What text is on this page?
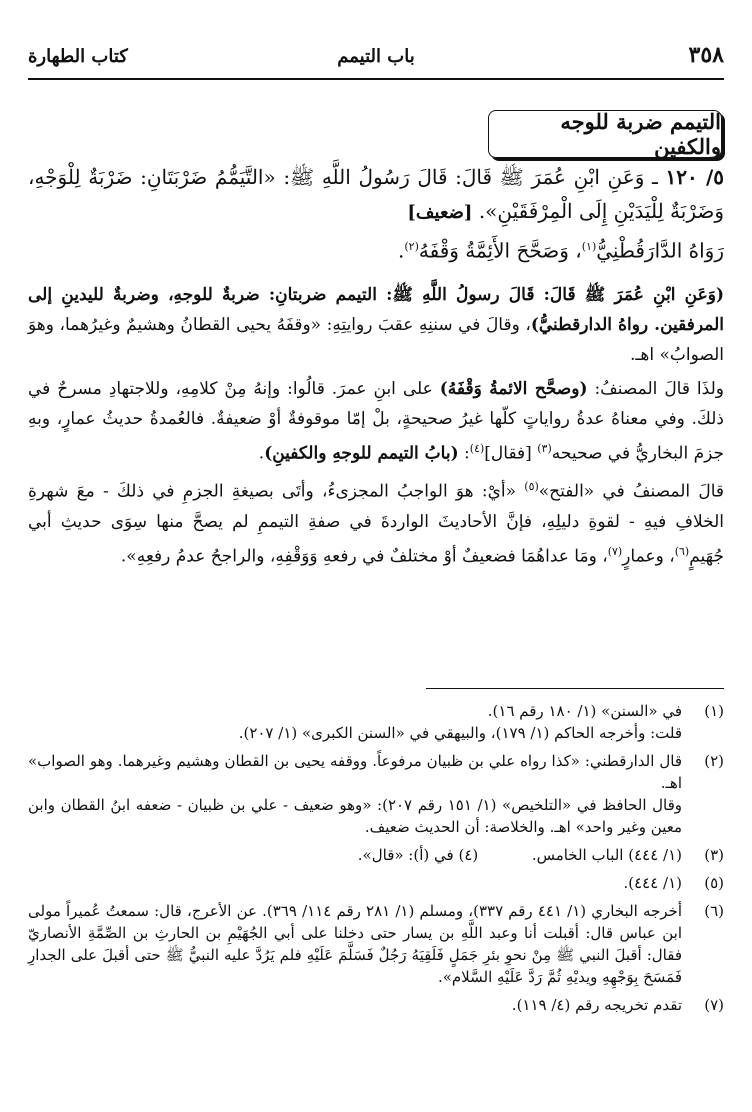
٣٥٨
باب التيمم
كتاب الطهارة
التيمم ضربة للوجه والكفين

٥/ ١٢٠ ـ وَعَنِ ابْنِ عُمَرَ ﷺ قَالَ: قَالَ رَسُولُ اللَّهِ ﷺ: «التَّيَمُّمُ ضَرْبَتَانِ: ضَرْبَةٌ لِلْوَجْهِ، وَضَرْبَةٌ لِلْيَدَيْنِ إِلَى الْمِرْفَقَيْنِ». [ضعيف]

رَوَاهُ الدَّارَقُطْنِيُّ$^{(١)}$، وَصَحَّحَ الأَئِمَّةُ وَقْفَهُ$^{(٢)}$.

(وَعَنِ ابْنِ عُمَرَ ﷺ قَالَ: قَالَ رسولُ اللَّهِ ﷺ: التيمم ضربتانِ: ضربةٌ للوجهِ، وضربةٌ لليدينِ إلى المرفقين. رواهُ الدارقطنيُّ)، وقالَ في سننِهِ عقبَ روايتِهِ: «وقفَهُ يحيى القطانُ وهشيمٌ وغيرُهما، وهوَ الصوابُ» اهـ.

ولذَا قالَ المصنفُ: (وصحَّح الائمةُ وَقْفَهُ) على ابنِ عمرَ. قالُوا: وإنهُ مِنْ كلامِهِ، وللاجتهادِ مسرحٌ في ذلكَ. وفي معناهُ عدةُ رواياتٍ كلّها غيرُ صحيحةٍ، بلْ إمّا موقوفةٌ أوْ ضعيفةٌ. فالعُمدةُ حديثُ عمارٍ، وبهِ جزمَ البخاريُّ في صحيحه$^{(٣)}$ [فقال]$^{(٤)}$: (بابُ التيمم للوجهِ والكفينِ).

قالَ المصنفُ في «الفتح»$^{(٥)}$ «أيْ: هوَ الواجبُ المجزىءُ، وأتَى بصيغةِ الجزمِ في ذلكَ - معَ شهرةِ الخلافِ فيهِ - لقوةِ دليلِهِ، فإنَّ الأحاديثَ الواردةَ في صفةِ التيممِ لم يصحَّ منها سِوَى حديثِ أبي جُهَيمٍ$^{(٦)}$، وعمارٍ$^{(٧)}$، ومَا عداهُمَا فضعيفٌ أوْ مختلفٌ في رفعهِ وَوَقْفِهِ، والراجحُ عدمُ رفعِهِ».

(١)

في «السنن» (١/ ١٨٠ رقم ١٦).

قلت: وأخرجه الحاكم (١/ ١٧٩)، والبيهقي في «السنن الكبرى» (١/ ٢٠٧).

(٢)

قال الدارقطني: «كذا رواه علي بن ظبيان مرفوعاً. ووقفه يحيى بن القطان وهشيم وغيرهما. وهو الصواب» اهـ.

وقال الحافظ في «التلخيص» (١/ ١٥١ رقم ٢٠٧): «وهو ضعيف - علي بن ظبيان - ضعفه ابنُ القطان وابن معين وغير واحد» اهـ. والخلاصة: أن الحديث ضعيف.

(٣)
(١/ ٤٤٤) الباب الخامس.  (٤) في (أ): «قال».
(٥)
(١/ ٤٤٤).
(٦)

أخرجه البخاري (١/ ٤٤١ رقم ٣٣٧)، ومسلم (١/ ٢٨١ رقم ١١٤/ ٣٦٩). عن الأعرج، قال: سمعتُ عُميراً مولى ابن عباس قال: أقبلت أنا وعبد اللَّهِ بن يسار حتى دخلنا على أبي الجُهَيْمِ بن الحارثِ بن الصِّمَّةِ الأنصاريّ فقال: أقبلَ النبي ﷺ مِنْ نحوِ بئرِ جَمَلٍ فَلَقِيَهُ رَجُلٌ فَسَلَّمَ عَلَيْهِ فلم يَرُدَّ عليه النبيُّ ﷺ حتى أقبلَ على الجدارِ فَمَسَحَ بِوَجْهِهِ ويديْهِ ثُمَّ رَدَّ عَلَيْهِ السَّلام».

(٧)
تقدم تخريجه رقم (٤/ ١١٩).
